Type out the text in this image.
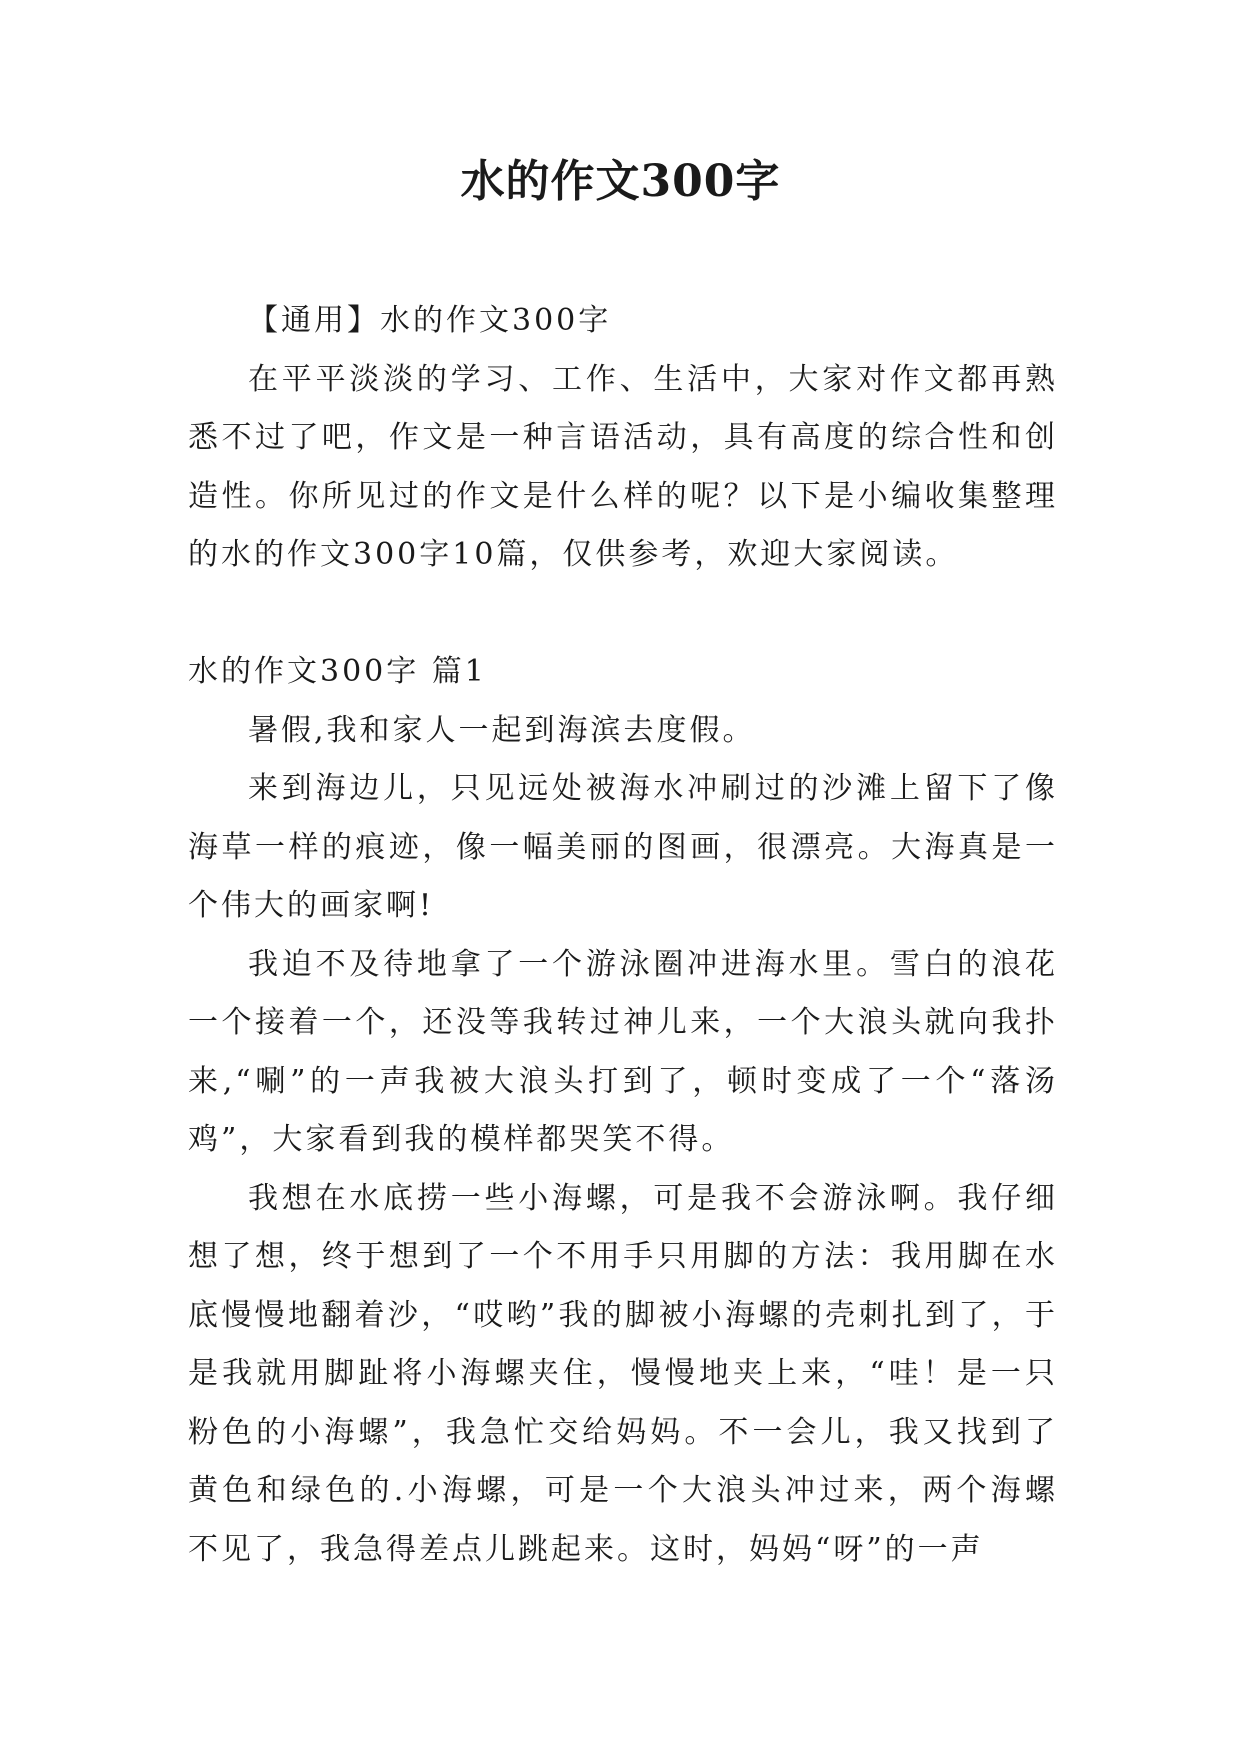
水的作文300字

【通用】水的作文300字

在平平淡淡的学习、工作、生活中，大家对作文都再熟悉不过了吧，作文是一种言语活动，具有高度的综合性和创造性。你所见过的作文是什么样的呢？以下是小编收集整理的水的作文300字10篇，仅供参考，欢迎大家阅读。

水的作文300字 篇1

暑假,我和家人一起到海滨去度假。

来到海边儿，只见远处被海水冲刷过的沙滩上留下了像海草一样的痕迹，像一幅美丽的图画，很漂亮。大海真是一个伟大的画家啊!

我迫不及待地拿了一个游泳圈冲进海水里。雪白的浪花一个接着一个，还没等我转过神儿来，一个大浪头就向我扑来,“唰”的一声我被大浪头打到了，顿时变成了一个“落汤鸡”，大家看到我的模样都哭笑不得。

我想在水底捞一些小海螺，可是我不会游泳啊。我仔细想了想，终于想到了一个不用手只用脚的方法：我用脚在水底慢慢地翻着沙，“哎哟”我的脚被小海螺的壳刺扎到了，于是我就用脚趾将小海螺夹住，慢慢地夹上来，“哇！是一只粉色的小海螺”，我急忙交给妈妈。不一会儿，我又找到了黄色和绿色的.小海螺，可是一个大浪头冲过来，两个海螺不见了，我急得差点儿跳起来。这时，妈妈“呀”的一声
